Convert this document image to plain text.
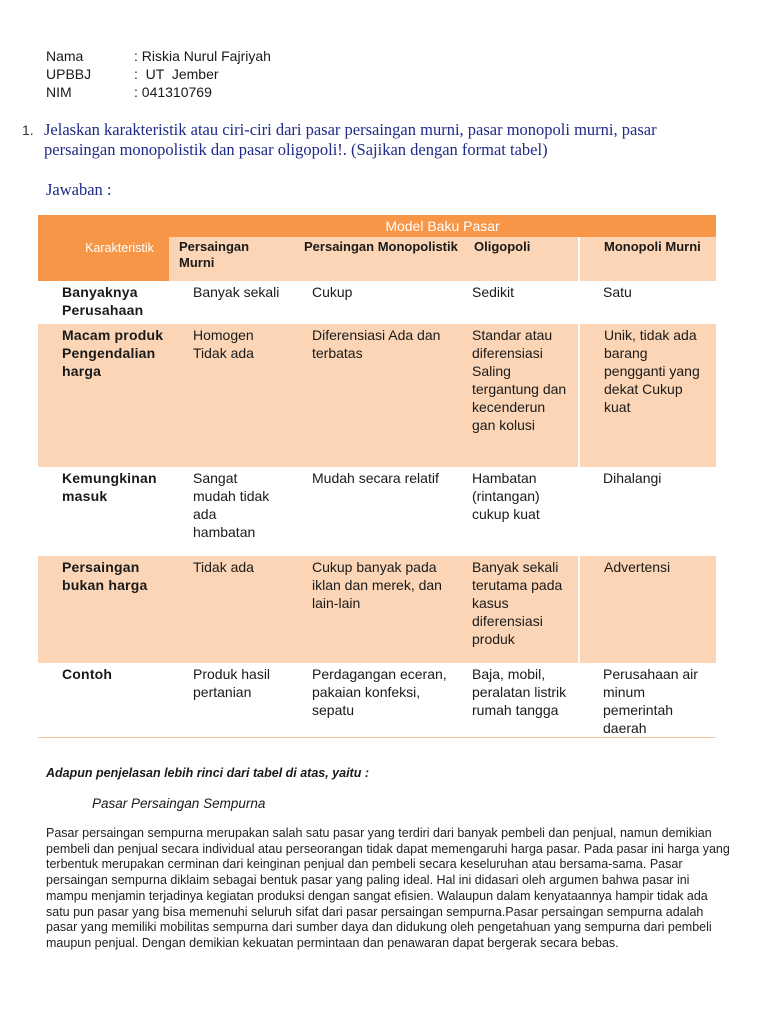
Nama	: Riskia Nurul Fajriyah
UPBBJ	:  UT  Jember
NIM	: 041310769
1. Jelaskan karakteristik atau ciri-ciri dari pasar persaingan murni, pasar monopoli murni, pasar persaingan monopolistik dan pasar oligopoli!. (Sajikan dengan format tabel)
Jawaban :
Karakteristik	Model Baku Pasar			
	Persaingan Murni	Persaingan Monopolistik	Oligopoli	Monopoli Murni
Banyaknya Perusahaan	Banyak sekali	Cukup	Sedikit	Satu
Macam produk Pengendalian harga	Homogen Tidak ada	Diferensiasi Ada dan terbatas	Standar atau diferensiasi Saling tergantung dan kecenderun gan kolusi	Unik, tidak ada barang pengganti yang dekat Cukup kuat
Kemungkinan masuk	Sangat mudah tidak ada hambatan	Mudah secara relatif	Hambatan (rintangan) cukup kuat	Dihalangi
Persaingan bukan harga	Tidak ada	Cukup banyak pada iklan dan merek, dan lain-lain	Banyak sekali terutama pada kasus diferensiasi produk	Advertensi
Contoh	Produk hasil pertanian	Perdagangan eceran, pakaian konfeksi, sepatu	Baja, mobil, peralatan listrik rumah tangga	Perusahaan air minum pemerintah daerah
Adapun penjelasan lebih rinci dari tabel di atas, yaitu :
Pasar Persaingan Sempurna
Pasar persaingan sempurna merupakan salah satu pasar yang terdiri dari banyak pembeli dan penjual, namun demikian pembeli dan penjual secara individual atau perseorangan tidak dapat memengaruhi harga pasar. Pada pasar ini harga yang terbentuk merupakan cerminan dari keinginan penjual dan pembeli secara keseluruhan atau bersama-sama. Pasar persaingan sempurna diklaim sebagai bentuk pasar yang paling ideal. Hal ini didasari oleh argumen bahwa pasar ini mampu menjamin terjadinya kegiatan produksi dengan sangat efisien. Walaupun dalam kenyataannya hampir tidak ada satu pun pasar yang bisa memenuhi seluruh sifat dari pasar persaingan sempurna.Pasar persaingan sempurna adalah pasar yang memiliki mobilitas sempurna dari sumber daya dan didukung oleh pengetahuan yang sempurna dari pembeli maupun penjual. Dengan demikian kekuatan permintaan dan penawaran dapat bergerak secara bebas.
